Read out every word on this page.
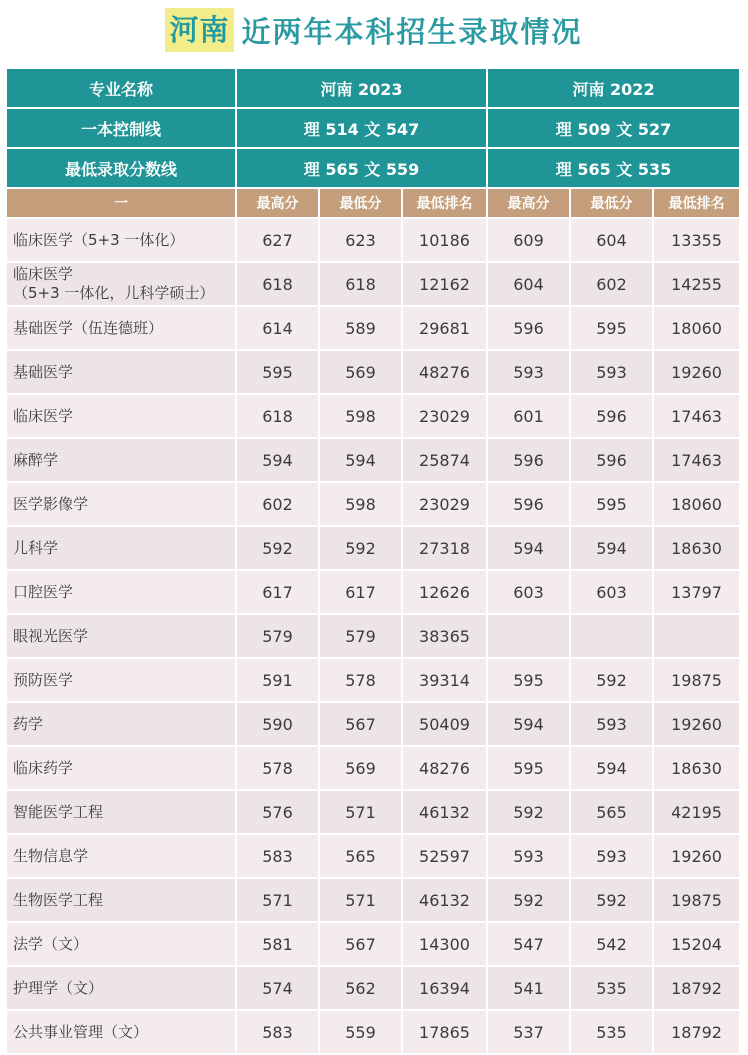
河南 近两年本科招生录取情况
专业名称	河南 2023			河南 2022		
一本控制线	理 514 文 547			理 509 文 527		
最低录取分数线	理 565 文 559			理 565 文 535		
一	最高分	最低分	最低排名	最高分	最低分	最低排名
临床医学（5+3 一体化）	627	623	10186	609	604	13355
临床医学
（5+3 一体化，儿科学硕士）	618	618	12162	604	602	14255
基础医学（伍连德班）	614	589	29681	596	595	18060
基础医学	595	569	48276	593	593	19260
临床医学	618	598	23029	601	596	17463
麻醉学	594	594	25874	596	596	17463
医学影像学	602	598	23029	596	595	18060
儿科学	592	592	27318	594	594	18630
口腔医学	617	617	12626	603	603	13797
眼视光医学	579	579	38365			
预防医学	591	578	39314	595	592	19875
药学	590	567	50409	594	593	19260
临床药学	578	569	48276	595	594	18630
智能医学工程	576	571	46132	592	565	42195
生物信息学	583	565	52597	593	593	19260
生物医学工程	571	571	46132	592	592	19875
法学（文）	581	567	14300	547	542	15204
护理学（文）	574	562	16394	541	535	18792
公共事业管理（文）	583	559	17865	537	535	18792
